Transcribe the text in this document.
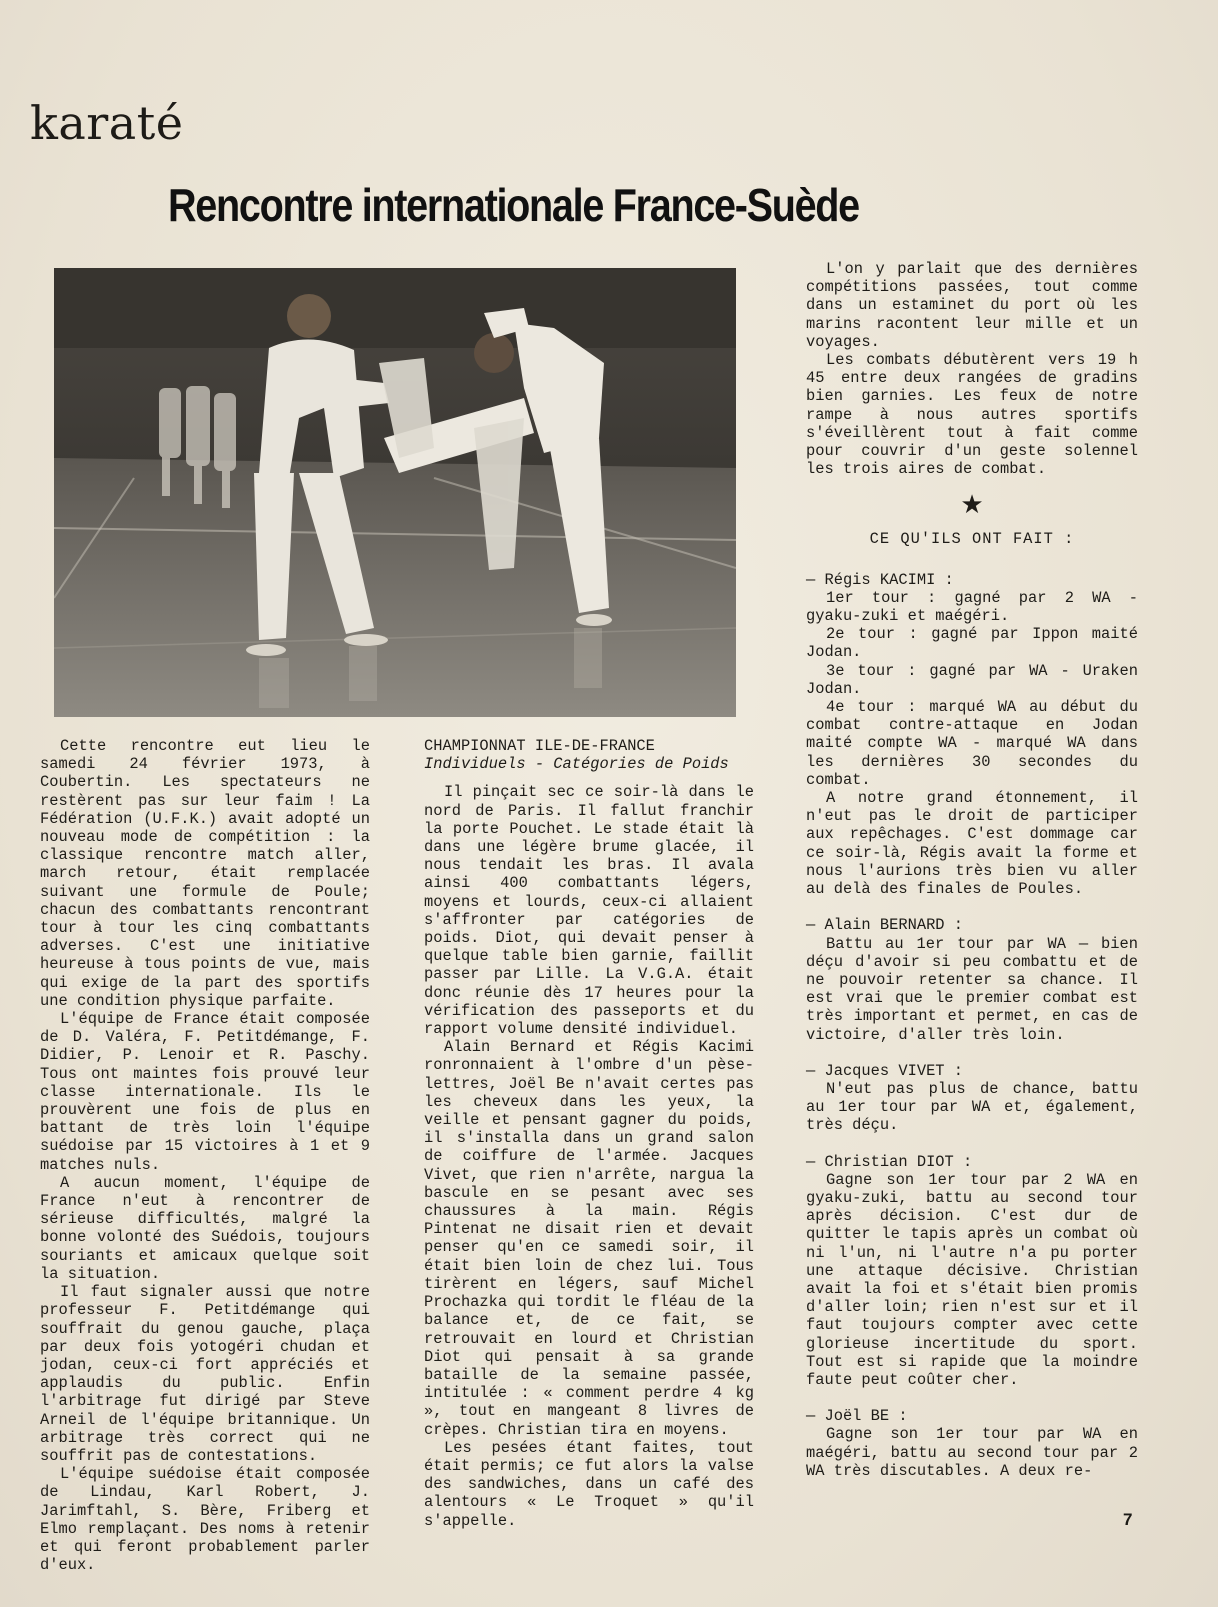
karaté
Rencontre internationale France-Suède

Cette rencontre eut lieu le samedi 24 février 1973, à Coubertin. Les spectateurs ne restèrent pas sur leur faim ! La Fédération (U.F.K.) avait adopté un nouveau mode de compétition : la classique rencontre match aller, march retour, était remplacée suivant une formule de Poule; chacun des combattants rencontrant tour à tour les cinq combattants adverses. C'est une initiative heureuse à tous points de vue, mais qui exige de la part des sportifs une condition physique parfaite.

L'équipe de France était composée de D. Valéra, F. Petitdémange, F. Didier, P. Lenoir et R. Paschy. Tous ont maintes fois prouvé leur classe internationale. Ils le prouvèrent une fois de plus en battant de très loin l'équipe suédoise par 15 victoires à 1 et 9 matches nuls.

A aucun moment, l'équipe de France n'eut à rencontrer de sérieuse difficultés, malgré la bonne volonté des Suédois, toujours souriants et amicaux quelque soit la situation.

Il faut signaler aussi que notre professeur F. Petitdémange qui souffrait du genou gauche, plaça par deux fois yotogéri chudan et jodan, ceux-ci fort appréciés et applaudis du public. Enfin l'arbitrage fut dirigé par Steve Arneil de l'équipe britannique. Un arbitrage très correct qui ne souffrit pas de contestations.

L'équipe suédoise était composée de Lindau, Karl Robert, J. Jarimftahl, S. Bère, Friberg et Elmo remplaçant. Des noms à retenir et qui feront probablement parler d'eux.

CHAMPIONNAT ILE-DE-FRANCE

Individuels - Catégories de Poids

Il pinçait sec ce soir-là dans le nord de Paris. Il fallut franchir la porte Pouchet. Le stade était là dans une légère brume glacée, il nous tendait les bras. Il avala ainsi 400 combattants légers, moyens et lourds, ceux-ci allaient s'affronter par catégories de poids. Diot, qui devait penser à quelque table bien garnie, faillit passer par Lille. La V.G.A. était donc réunie dès 17 heures pour la vérification des passeports et du rapport volume densité individuel.

Alain Bernard et Régis Kacimi ronronnaient à l'ombre d'un pèse-lettres, Joël Be n'avait certes pas les cheveux dans les yeux, la veille et pensant gagner du poids, il s'installa dans un grand salon de coiffure de l'armée. Jacques Vivet, que rien n'arrête, nargua la bascule en se pesant avec ses chaussures à la main. Régis Pintenat ne disait rien et devait penser qu'en ce samedi soir, il était bien loin de chez lui. Tous tirèrent en légers, sauf Michel Prochazka qui tordit le fléau de la balance et, de ce fait, se retrouvait en lourd et Christian Diot qui pensait à sa grande bataille de la semaine passée, intitulée : « comment perdre 4 kg », tout en mangeant 8 livres de crèpes. Christian tira en moyens.

Les pesées étant faites, tout était permis; ce fut alors la valse des sandwiches, dans un café des alentours « Le Troquet » qu'il s'appelle.

L'on y parlait que des dernières compétitions passées, tout comme dans un estaminet du port où les marins racontent leur mille et un voyages.

Les combats débutèrent vers 19 h 45 entre deux rangées de gradins bien garnies. Les feux de notre rampe à nous autres sportifs s'éveillèrent tout à fait comme pour couvrir d'un geste solennel les trois aires de combat.

★

CE QU'ILS ONT FAIT :

— Régis KACIMI :

1er tour : gagné par 2 WA - gyaku-zuki et maégéri.

2e tour : gagné par Ippon maité Jodan.

3e tour : gagné par WA - Uraken Jodan.

4e tour : marqué WA au début du combat contre-attaque en Jodan maité compte WA - marqué WA dans les dernières 30 secondes du combat.

A notre grand étonnement, il n'eut pas le droit de participer aux repêchages. C'est dommage car ce soir-là, Régis avait la forme et nous l'aurions très bien vu aller au delà des finales de Poules.

— Alain BERNARD :

Battu au 1er tour par WA — bien déçu d'avoir si peu combattu et de ne pouvoir retenter sa chance. Il est vrai que le premier combat est très important et permet, en cas de victoire, d'aller très loin.

— Jacques VIVET :

N'eut pas plus de chance, battu au 1er tour par WA et, également, très déçu.

— Christian DIOT :

Gagne son 1er tour par 2 WA en gyaku-zuki, battu au second tour après décision. C'est dur de quitter le tapis après un combat où ni l'un, ni l'autre n'a pu porter une attaque décisive. Christian avait la foi et s'était bien promis d'aller loin; rien n'est sur et il faut toujours compter avec cette glorieuse incertitude du sport. Tout est si rapide que la moindre faute peut coûter cher.

— Joël BE :

Gagne son 1er tour par WA en maégéri, battu au second tour par 2 WA très discutables. A deux re-

7
